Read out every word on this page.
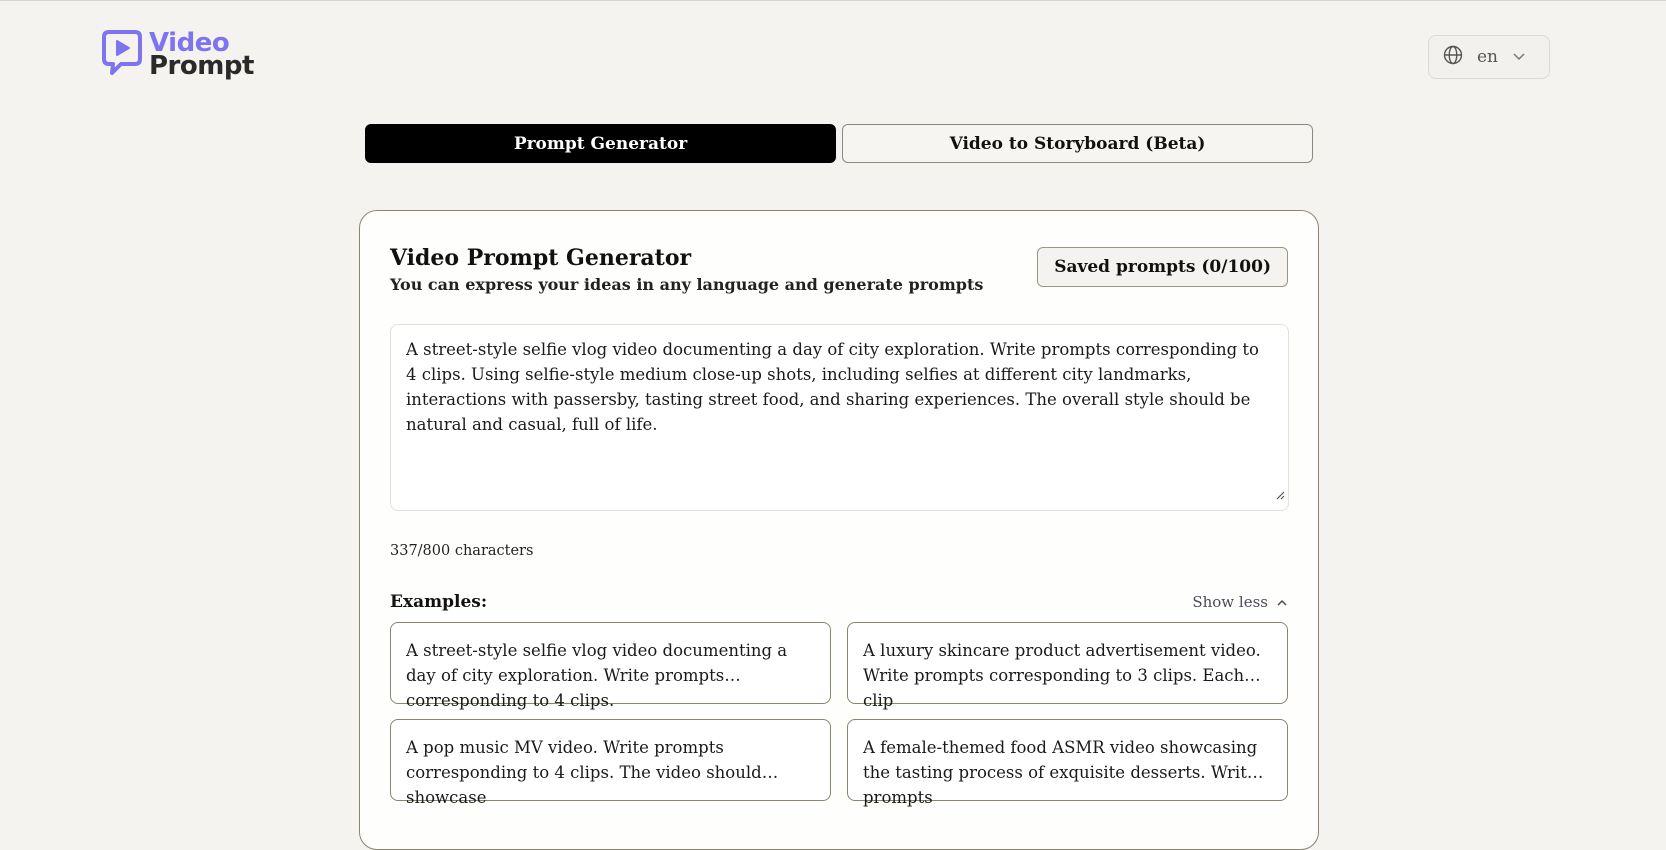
Video
Prompt	en
Prompt Generator	Video to Storyboard (Beta)
Video Prompt Generator
You can express your ideas in any language and generate prompts
Saved prompts (0/100)
A street-style selfie vlog video documenting a day of city exploration. Write prompts corresponding to 4 clips. Using selfie-style medium close-up shots, including selfies at different city landmarks, interactions with passersby, tasting street food, and sharing experiences. The overall style should be natural and casual, full of life.
337/800 characters
Examples:	Show less
A street-style selfie vlog video documenting a day of city exploration. Write prompts corresponding to 4 clips.
A luxury skincare product advertisement video. Write prompts corresponding to 3 clips. Each clip
A pop music MV video. Write prompts corresponding to 4 clips. The video should showcase
A female-themed food ASMR video showcasing the tasting process of exquisite desserts. Write prompts
